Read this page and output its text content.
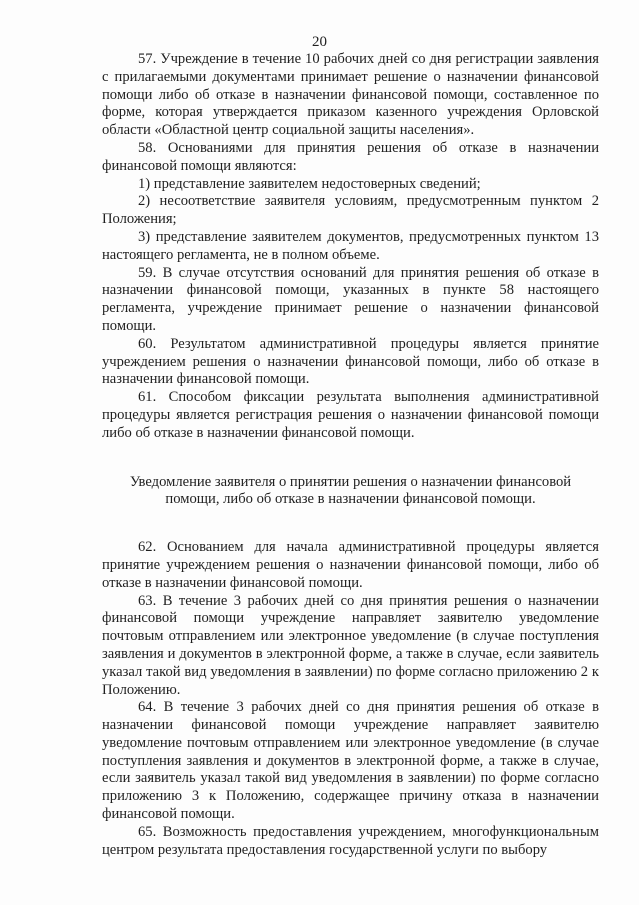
20

57. Учреждение в течение 10 рабочих дней со дня регистрации заявления с прилагаемыми документами принимает решение о назначении финансовой помощи либо об отказе в назначении финансовой помощи, составленное по форме, которая утверждается приказом казенного учреждения Орловской области «Областной центр социальной защиты населения».

58. Основаниями для принятия решения об отказе в назначении финансовой помощи являются:

1) представление заявителем недостоверных сведений;

2) несоответствие заявителя условиям, предусмотренным пунктом 2 Положения;

3) представление заявителем документов, предусмотренных пунктом 13 настоящего регламента, не в полном объеме.

59. В случае отсутствия оснований для принятия решения об отказе в назначении финансовой помощи, указанных в пункте 58 настоящего регламента, учреждение принимает решение о назначении финансовой помощи.

60. Результатом административной процедуры является принятие учреждением решения о назначении финансовой помощи, либо об отказе в назначении финансовой помощи.

61. Способом фиксации результата выполнения административной процедуры является регистрация решения о назначении финансовой помощи либо об отказе в назначении финансовой помощи.

Уведомление заявителя о принятии решения о назначении финансовой помощи, либо об отказе в назначении финансовой помощи.

62. Основанием для начала административной процедуры является принятие учреждением решения о назначении финансовой помощи, либо об отказе в назначении финансовой помощи.

63. В течение 3 рабочих дней со дня принятия решения о назначении финансовой помощи учреждение направляет заявителю уведомление почтовым отправлением или электронное уведомление (в случае поступления заявления и документов в электронной форме, а также в случае, если заявитель указал такой вид уведомления в заявлении) по форме согласно приложению 2 к Положению.

64. В течение 3 рабочих дней со дня принятия решения об отказе в назначении финансовой помощи учреждение направляет заявителю уведомление почтовым отправлением или электронное уведомление (в случае поступления заявления и документов в электронной форме, а также в случае, если заявитель указал такой вид уведомления в заявлении) по форме согласно приложению 3 к Положению, содержащее причину отказа в назначении финансовой помощи.

65. Возможность предоставления учреждением, многофункциональным центром результата предоставления государственной услуги по выбору
